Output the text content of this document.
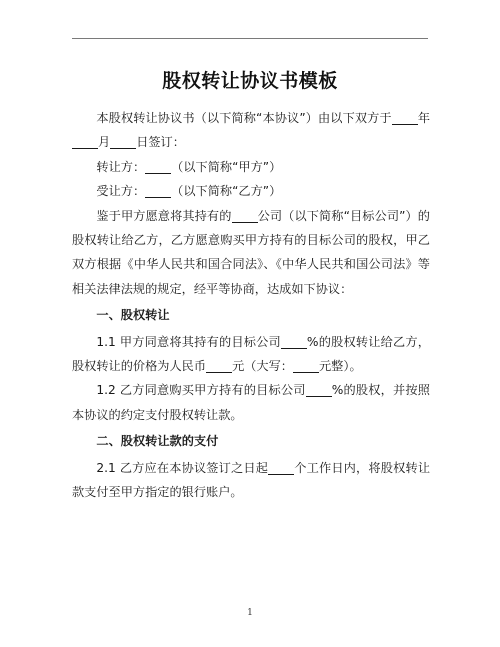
股权转让协议书模板

本股权转让协议书（以下简称“本协议”）由以下双方于 年月 日签订：

转让方： （以下简称“甲方”）

受让方： （以下简称“乙方”）

鉴于甲方愿意将其持有的 公司（以下简称“目标公司”）的股权转让给乙方，乙方愿意购买甲方持有的目标公司的股权，甲乙双方根据《中华人民共和国合同法》、《中华人民共和国公司法》等相关法律法规的规定，经平等协商，达成如下协议：

一、股权转让

1.1 甲方同意将其持有的目标公司 %的股权转让给乙方，股权转让的价格为人民币 元（大写： 元整）。

1.2 乙方同意购买甲方持有的目标公司 %的股权，并按照本协议的约定支付股权转让款。

二、股权转让款的支付

2.1 乙方应在本协议签订之日起 个工作日内，将股权转让款支付至甲方指定的银行账户。

1
